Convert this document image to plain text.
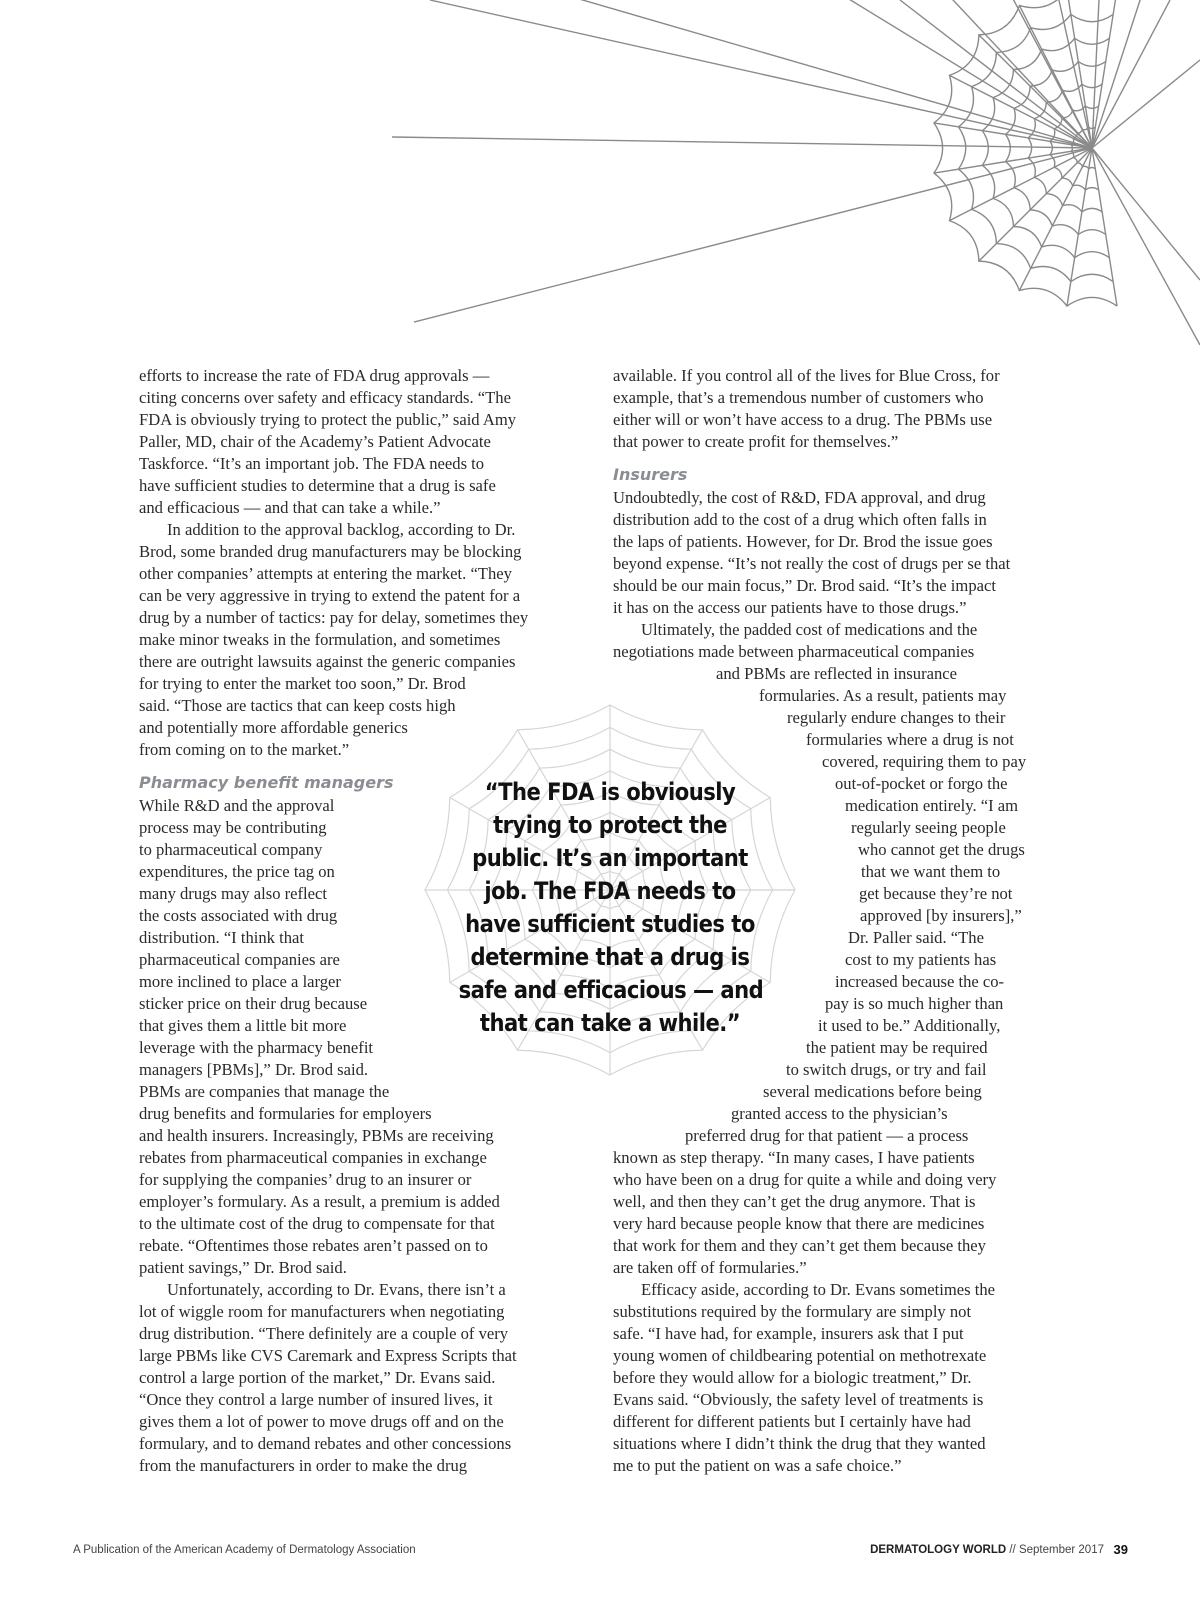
efforts to increase the rate of FDA drug approvals —
citing concerns over safety and efficacy standards. “The
FDA is obviously trying to protect the public,” said Amy
Paller, MD, chair of the Academy’s Patient Advocate
Taskforce. “It’s an important job. The FDA needs to
have sufficient studies to determine that a drug is safe
and efficacious — and that can take a while.”
In addition to the approval backlog, according to Dr.
Brod, some branded drug manufacturers may be blocking
other companies’ attempts at entering the market. “They
can be very aggressive in trying to extend the patent for a
drug by a number of tactics: pay for delay, sometimes they
make minor tweaks in the formulation, and sometimes
there are outright lawsuits against the generic companies
for trying to enter the market too soon,” Dr. Brod
said. “Those are tactics that can keep costs high
and potentially more affordable generics
from coming on to the market.”
Pharmacy benefit managers
While R&D and the approval
process may be contributing
to pharmaceutical company
expenditures, the price tag on
many drugs may also reflect
the costs associated with drug
distribution. “I think that
pharmaceutical companies are
more inclined to place a larger
sticker price on their drug because
that gives them a little bit more
leverage with the pharmacy benefit
managers [PBMs],” Dr. Brod said.
PBMs are companies that manage the
drug benefits and formularies for employers
and health insurers. Increasingly, PBMs are receiving
rebates from pharmaceutical companies in exchange
for supplying the companies’ drug to an insurer or
employer’s formulary. As a result, a premium is added
to the ultimate cost of the drug to compensate for that
rebate. “Oftentimes those rebates aren’t passed on to
patient savings,” Dr. Brod said.
Unfortunately, according to Dr. Evans, there isn’t a
lot of wiggle room for manufacturers when negotiating
drug distribution. “There definitely are a couple of very
large PBMs like CVS Caremark and Express Scripts that
control a large portion of the market,” Dr. Evans said.
“Once they control a large number of insured lives, it
gives them a lot of power to move drugs off and on the
formulary, and to demand rebates and other concessions
from the manufacturers in order to make the drug
available. If you control all of the lives for Blue Cross, for
example, that’s a tremendous number of customers who
either will or won’t have access to a drug. The PBMs use
that power to create profit for themselves.”
Insurers
Undoubtedly, the cost of R&D, FDA approval, and drug
distribution add to the cost of a drug which often falls in
the laps of patients. However, for Dr. Brod the issue goes
beyond expense. “It’s not really the cost of drugs per se that
should be our main focus,” Dr. Brod said. “It’s the impact
it has on the access our patients have to those drugs.”
Ultimately, the padded cost of medications and the
negotiations made between pharmaceutical companies
and PBMs are reflected in insurance
formularies. As a result, patients may
regularly endure changes to their
formularies where a drug is not
covered, requiring them to pay
out-of-pocket or forgo the
medication entirely. “I am
regularly seeing people
who cannot get the drugs
that we want them to
get because they’re not
approved [by insurers],”
Dr. Paller said. “The
cost to my patients has
increased because the co-
pay is so much higher than
it used to be.” Additionally,
the patient may be required
to switch drugs, or try and fail
several medications before being
granted access to the physician’s
preferred drug for that patient — a process
known as step therapy. “In many cases, I have patients
who have been on a drug for quite a while and doing very
well, and then they can’t get the drug anymore. That is
very hard because people know that there are medicines
that work for them and they can’t get them because they
are taken off of formularies.”
Efficacy aside, according to Dr. Evans sometimes the
substitutions required by the formulary are simply not
safe. “I have had, for example, insurers ask that I put
young women of childbearing potential on methotrexate
before they would allow for a biologic treatment,” Dr.
Evans said. “Obviously, the safety level of treatments is
different for different patients but I certainly have had
situations where I didn’t think the drug that they wanted
me to put the patient on was a safe choice.”
“The FDA is obviously
trying to protect the
public. It’s an important
job. The FDA needs to
have sufficient studies to
determine that a drug is
safe and efficacious — and
that can take a while.”
A Publication of the American Academy of Dermatology Association	DERMATOLOGY WORLD // September 2017 39
